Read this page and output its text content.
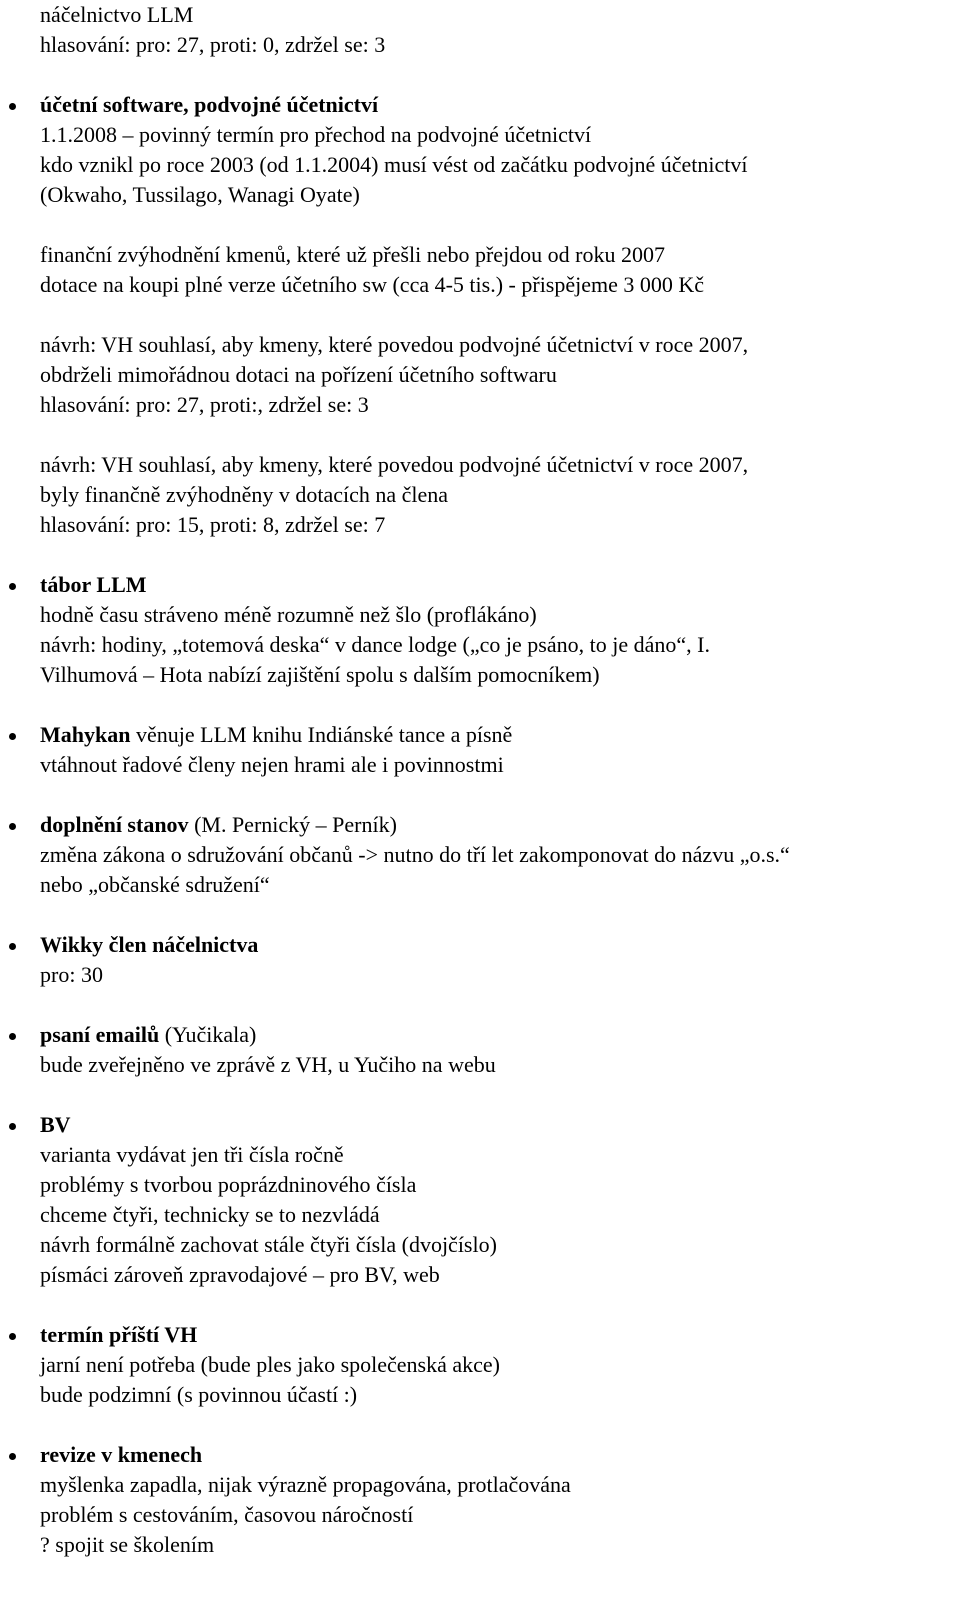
náčelnictvo LLM
hlasování: pro: 27, proti: 0, zdržel se: 3
účetní software, podvojné účetnictví
1.1.2008 – povinný termín pro přechod na podvojné účetnictví
kdo vznikl po roce 2003 (od 1.1.2004) musí vést od začátku podvojné účetnictví
(Okwaho, Tussilago, Wanagi Oyate)
finanční zvýhodnění kmenů, které už přešli nebo přejdou od roku 2007
dotace na koupi plné verze účetního sw (cca 4-5 tis.) - přispějeme 3 000 Kč
návrh: VH souhlasí, aby kmeny, které povedou podvojné účetnictví v roce 2007,
obdrželi mimořádnou dotaci na pořízení účetního softwaru
hlasování: pro: 27, proti:, zdržel se: 3
návrh: VH souhlasí, aby kmeny, které povedou podvojné účetnictví v roce 2007,
byly finančně zvýhodněny v dotacích na člena
hlasování: pro: 15, proti: 8, zdržel se: 7
tábor LLM
hodně času stráveno méně rozumně než šlo (proflákáno)
návrh: hodiny, „totemová deska“ v dance lodge („co je psáno, to je dáno“, I.
Vilhumová – Hota nabízí zajištění spolu s dalším pomocníkem)
Mahykan věnuje LLM knihu Indiánské tance a písně
vtáhnout řadové členy nejen hrami ale i povinnostmi
doplnění stanov (M. Pernický – Perník)
změna zákona o sdružování občanů -> nutno do tří let zakomponovat do názvu „o.s.“
nebo „občanské sdružení“
Wikky člen náčelnictva
pro: 30
psaní emailů (Yučikala)
bude zveřejněno ve zprávě z VH, u Yučiho na webu
BV
varianta vydávat jen tři čísla ročně
problémy s tvorbou poprázdninového čísla
chceme čtyři, technicky se to nezvládá
návrh formálně zachovat stále čtyři čísla (dvojčíslo)
písmáci zároveň zpravodajové – pro BV, web
termín příští VH
jarní není potřeba (bude ples jako společenská akce)
bude podzimní (s povinnou účastí :)
revize v kmenech
myšlenka zapadla, nijak výrazně propagována, protlačována
problém s cestováním, časovou náročností
? spojit se školením
